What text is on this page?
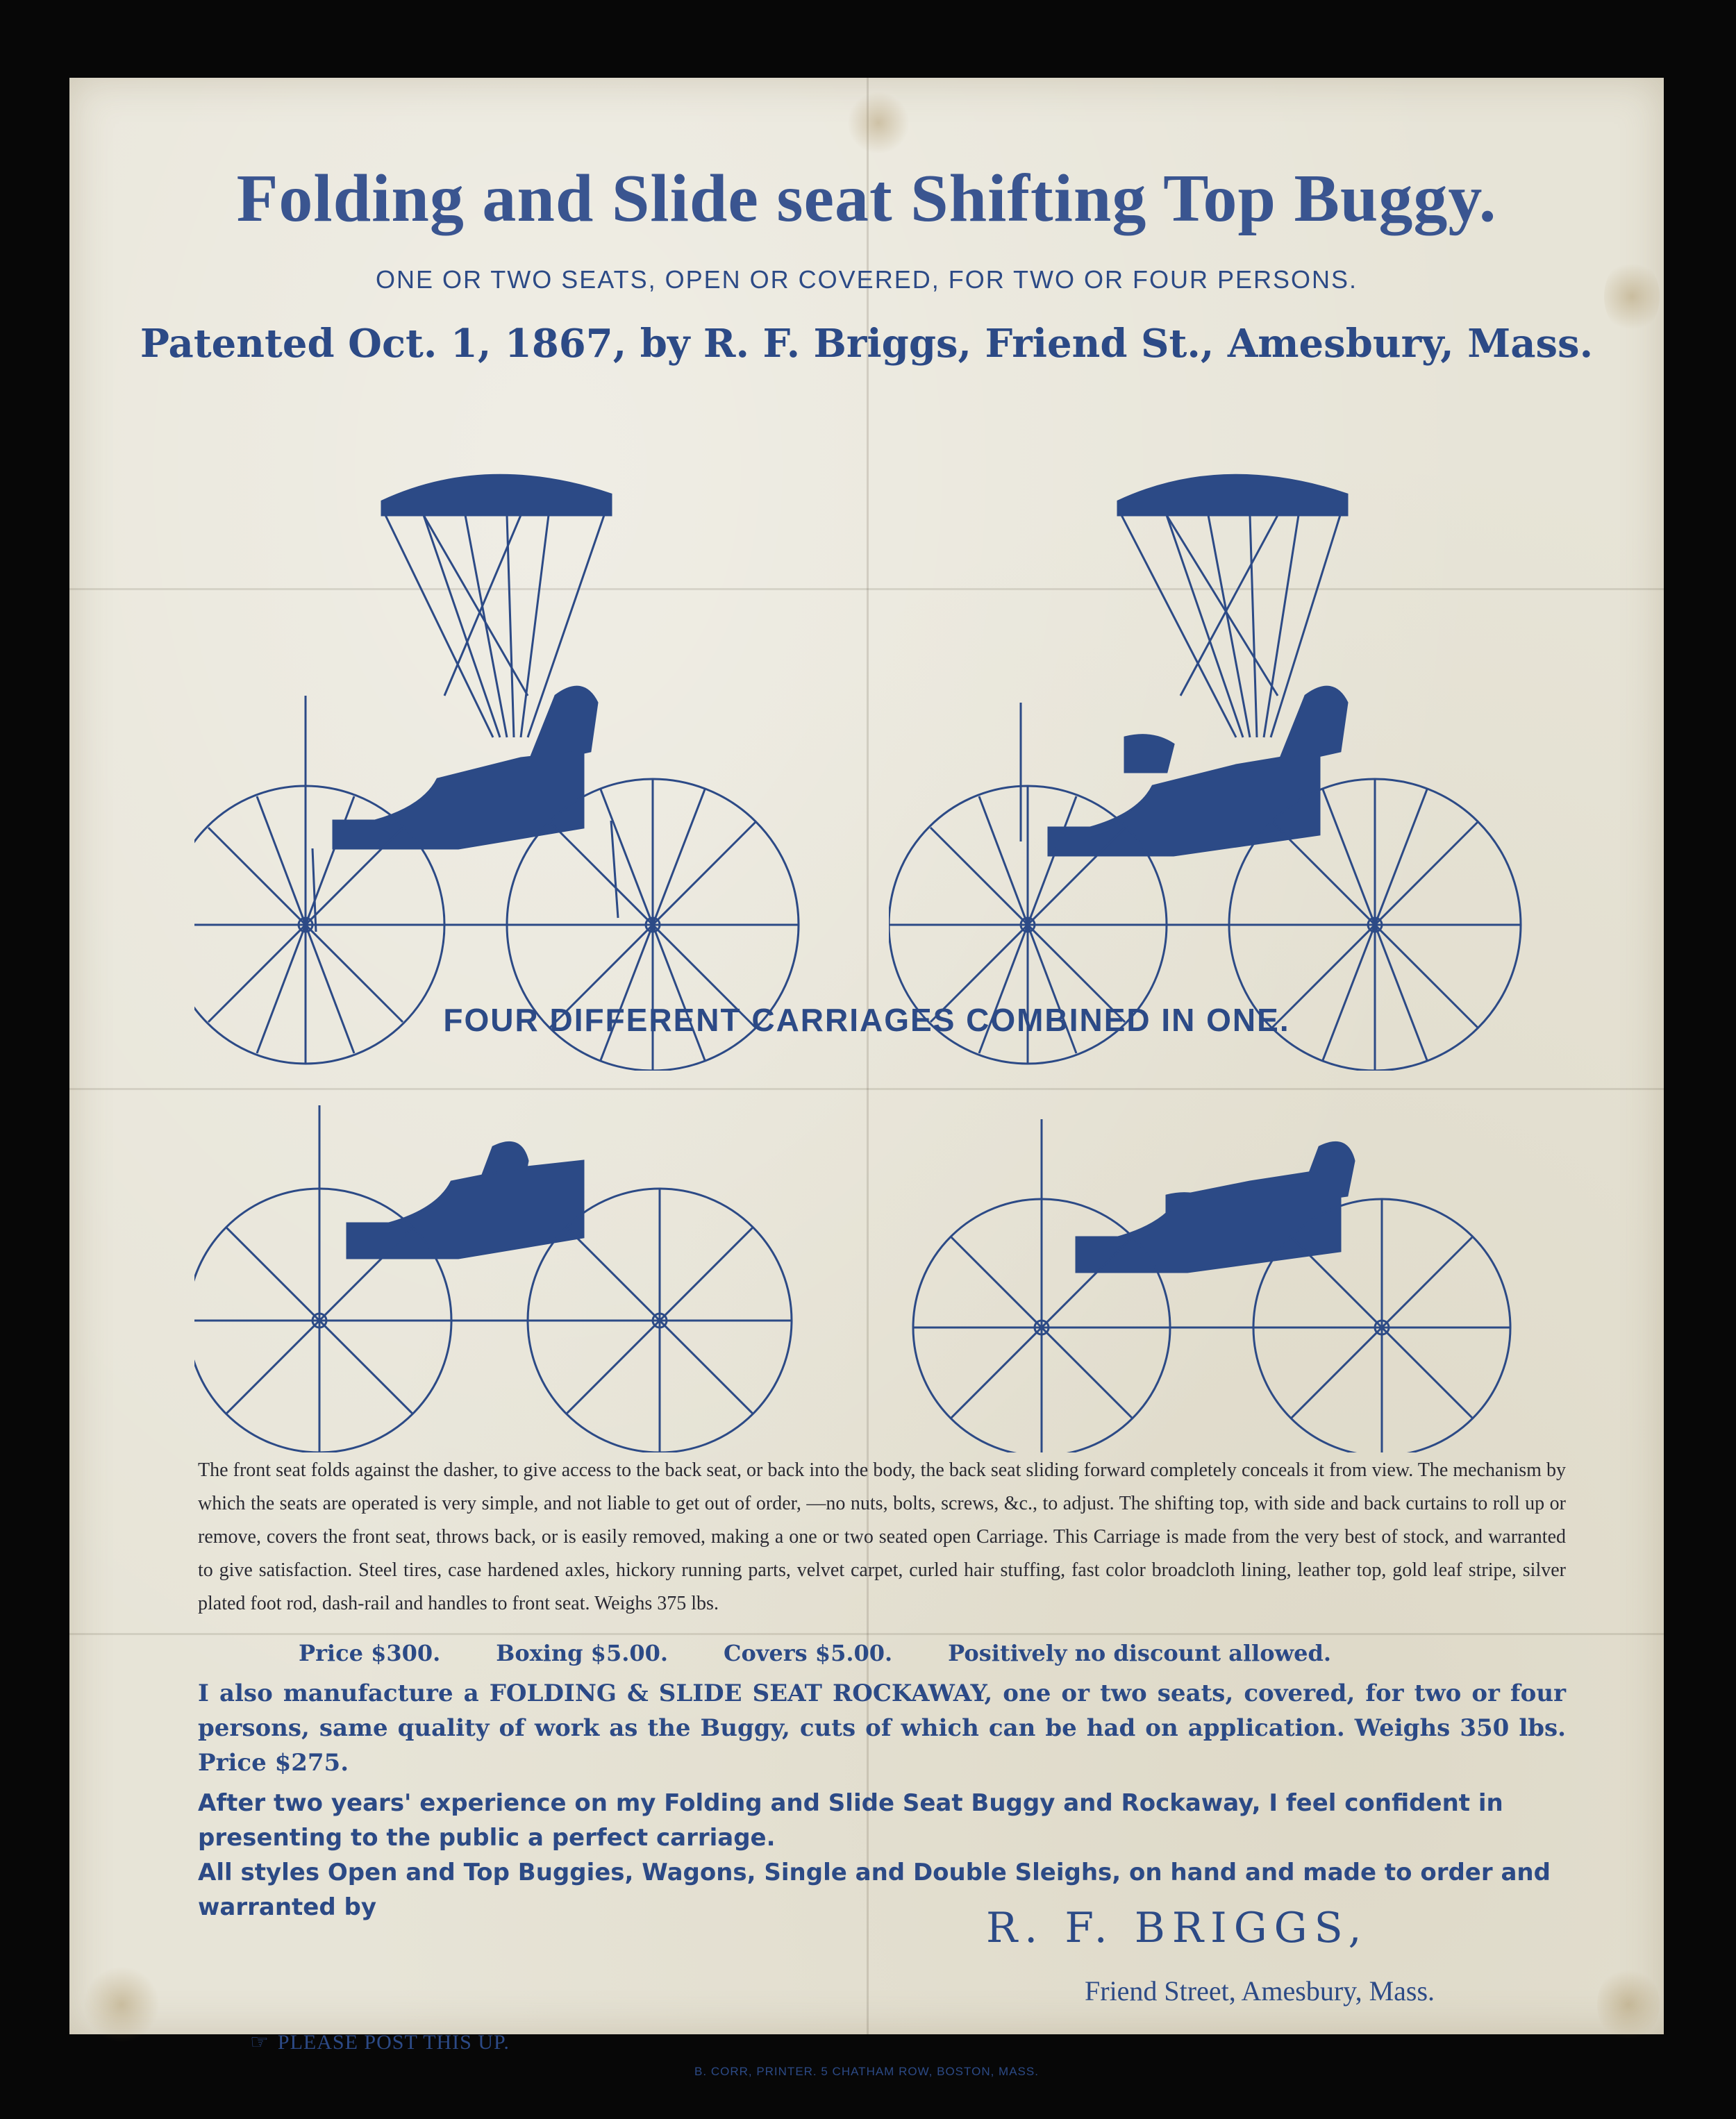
Folding and Slide seat Shifting Top Buggy.
ONE OR TWO SEATS, OPEN OR COVERED, FOR TWO OR FOUR PERSONS.
Patented Oct. 1, 1867, by R. F. Briggs, Friend St., Amesbury, Mass.
FOUR DIFFERENT CARRIAGES COMBINED IN ONE.
The front seat folds against the dasher, to give access to the back seat, or back into the body, the back seat sliding forward completely conceals it from view. The mechanism by which the seats are operated is very simple, and not liable to get out of order, —no nuts, bolts, screws, &c., to adjust. The shifting top, with side and back curtains to roll up or remove, covers the front seat, throws back, or is easily removed, making a one or two seated open Carriage. This Carriage is made from the very best of stock, and warranted to give satisfaction. Steel tires, case hardened axles, hickory running parts, velvet carpet, curled hair stuffing, fast color broadcloth lining, leather top, gold leaf stripe, silver plated foot rod, dash-rail and handles to front seat. Weighs 375 lbs.
Price $300.	Boxing $5.00.	Covers $5.00.	Positively no discount allowed.
I also manufacture a FOLDING & SLIDE SEAT ROCKAWAY, one or two seats, covered, for two or four persons, same quality of work as the Buggy, cuts of which can be had on application. Weighs 350 lbs. Price $275.
After two years' experience on my Folding and Slide Seat Buggy and Rockaway, I feel confident in presenting to the public a perfect carriage.
All styles Open and Top Buggies, Wagons, Single and Double Sleighs, on hand and made to order and warranted by	R. F. BRIGGS,
Friend Street, Amesbury, Mass.
☞ PLEASE POST THIS UP.
B. CORR, PRINTER. 5 CHATHAM ROW, BOSTON, MASS.
